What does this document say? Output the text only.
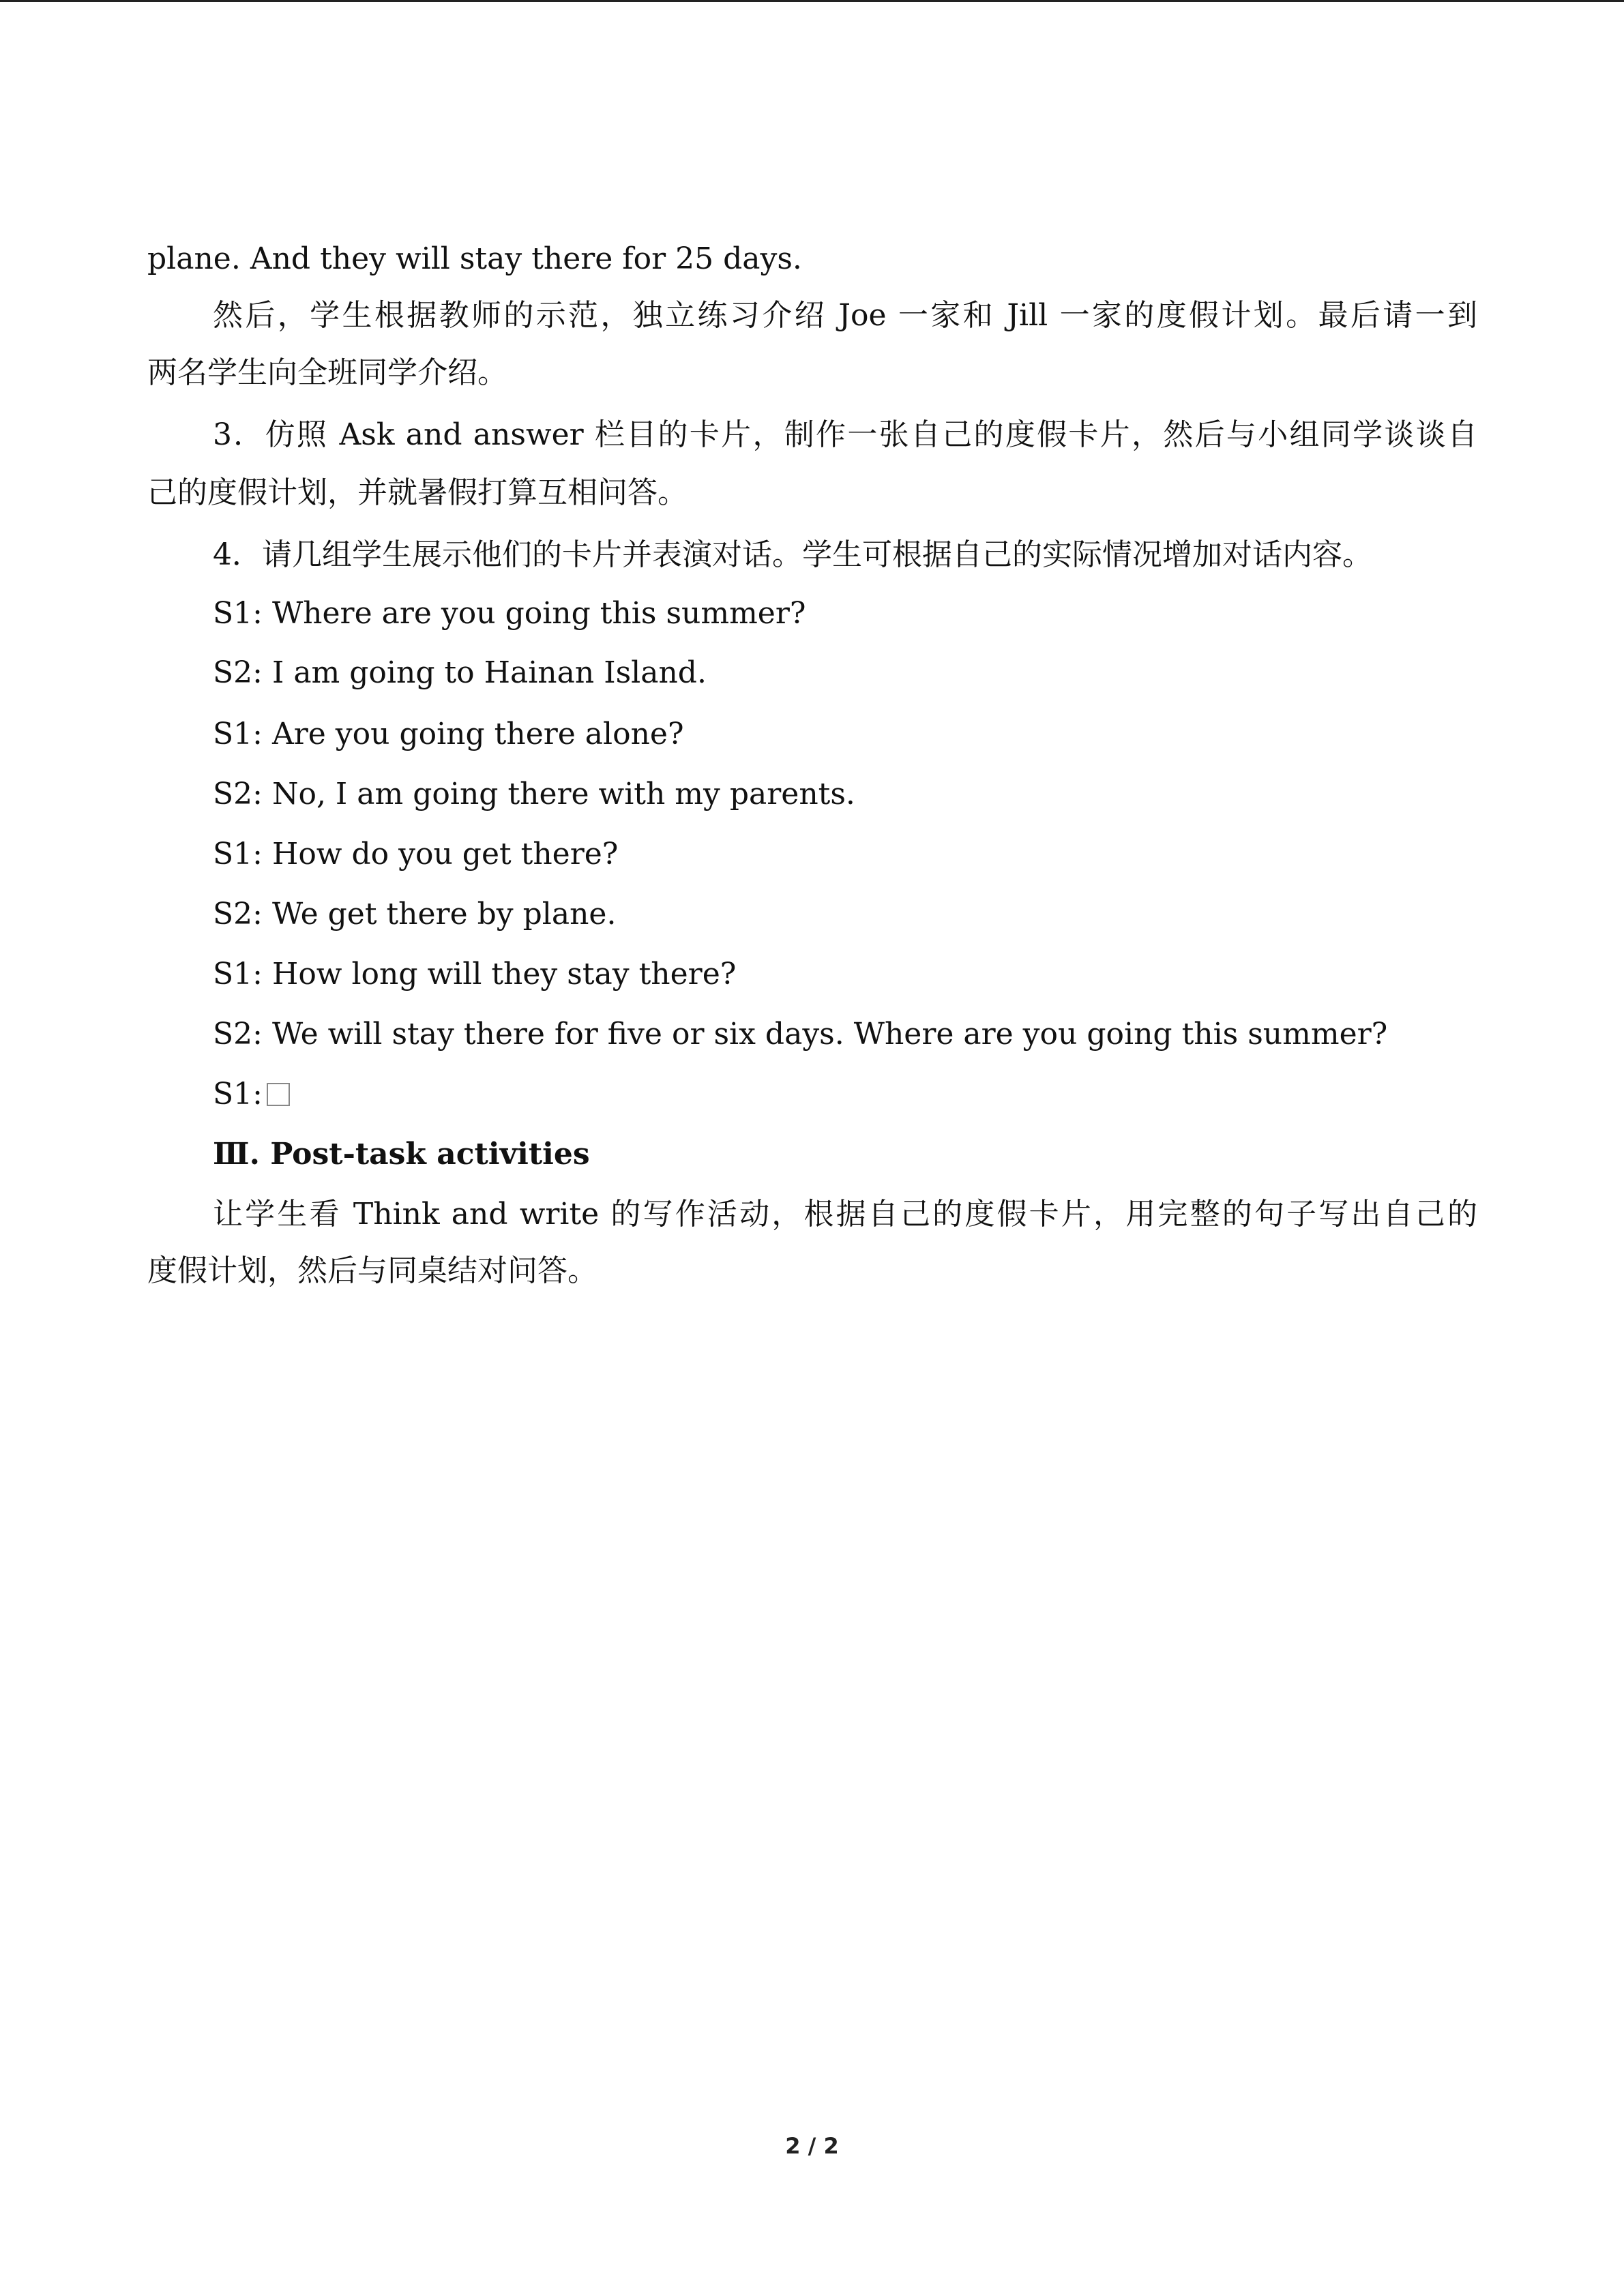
plane. And they will stay there for 25 days.
然后，学生根据教师的示范，独立练习介绍 Joe 一家和 Jill 一家的度假计划。最后请一到
两名学生向全班同学介绍。
3．仿照 Ask and answer 栏目的卡片，制作一张自己的度假卡片，然后与小组同学谈谈自
己的度假计划，并就暑假打算互相问答。
4．请几组学生展示他们的卡片并表演对话。学生可根据自己的实际情况增加对话内容。
S1: Where are you going this summer?
S2: I am going to Hainan Island.
S1: Are you going there alone?
S2: No, I am going there with my parents.
S1: How do you get there?
S2: We get there by plane.
S1: How long will they stay there?
S2: We will stay there for five or six days. Where are you going this summer?
S1:
Ⅲ. Post-task activities
让学生看 Think and write 的写作活动，根据自己的度假卡片，用完整的句子写出自己的
度假计划，然后与同桌结对问答。
2 / 2
